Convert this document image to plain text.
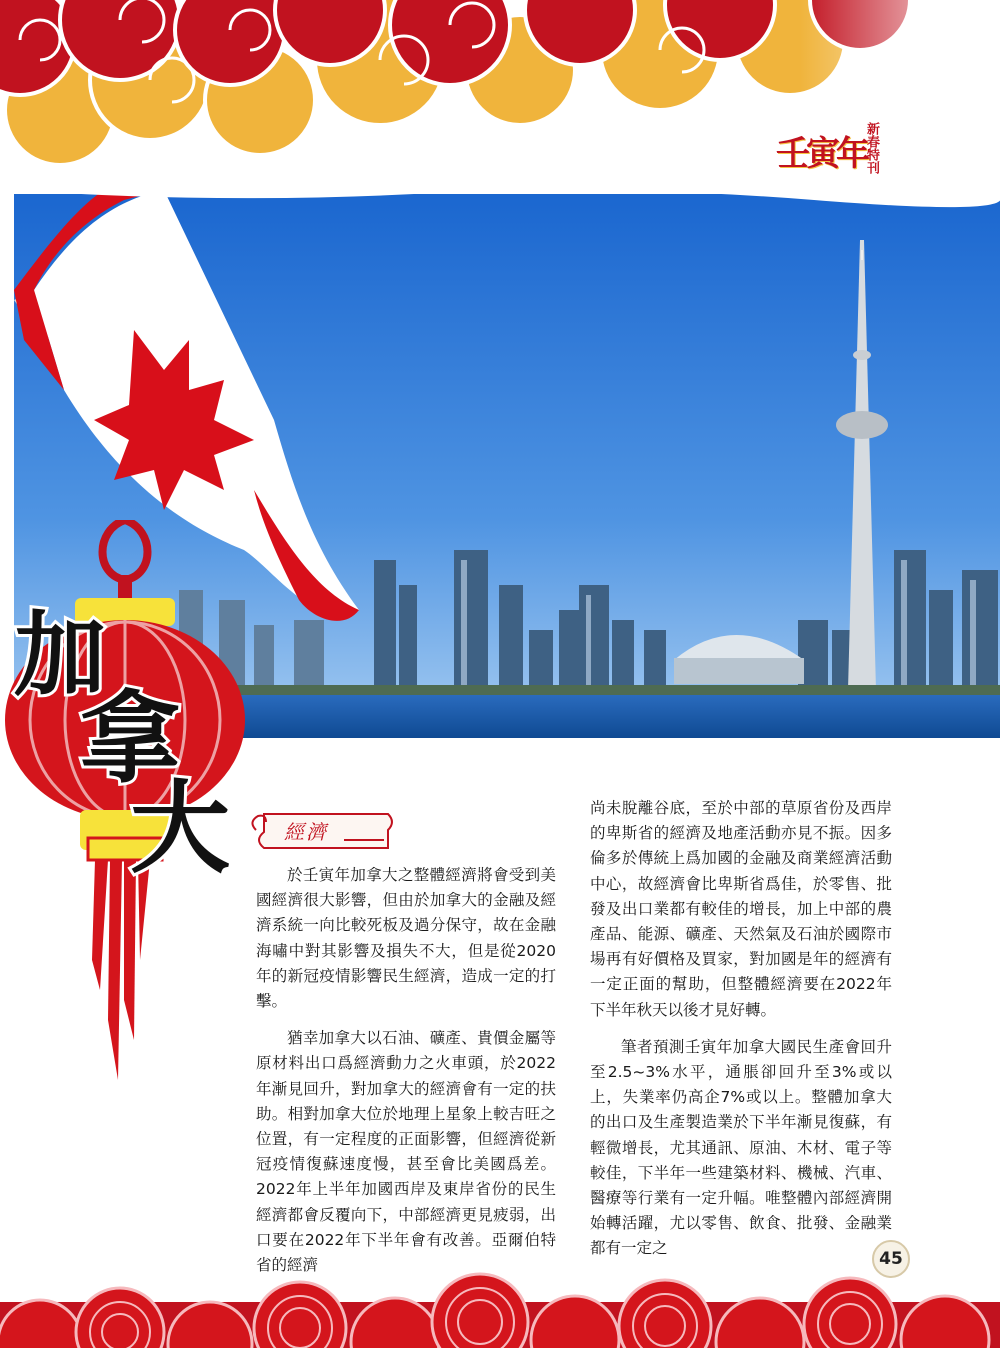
壬寅年
新春特刊
加
拿
大	經濟

於壬寅年加拿大之整體經濟將會受到美國經濟很大影響，但由於加拿大的金融及經濟系統一向比較死板及過分保守，故在金融海嘯中對其影響及損失不大，但是從2020年的新冠疫情影響民生經濟，造成一定的打擊。

猶幸加拿大以石油、礦產、貴價金屬等原材料出口爲經濟動力之火車頭，於2022年漸見回升，對加拿大的經濟會有一定的扶助。相對加拿大位於地理上星象上較吉旺之位置，有一定程度的正面影響，但經濟從新冠疫情復蘇速度慢，甚至會比美國爲差。2022年上半年加國西岸及東岸省份的民生經濟都會反覆向下，中部經濟更見疲弱，出口要在2022年下半年會有改善。亞爾伯特省的經濟

尚未脫離谷底，至於中部的草原省份及西岸的卑斯省的經濟及地產活動亦見不振。因多倫多於傳統上爲加國的金融及商業經濟活動中心，故經濟會比卑斯省爲佳，於零售、批發及出口業都有較佳的增長，加上中部的農產品、能源、礦產、天然氣及石油於國際市場再有好價格及買家，對加國是年的經濟有一定正面的幫助，但整體經濟要在2022年下半年秋天以後才見好轉。

筆者預測壬寅年加拿大國民生產會回升至2.5~3%水平，通脹卻回升至3%或以上，失業率仍高企7%或以上。整體加拿大的出口及生產製造業於下半年漸見復蘇，有輕微增長，尤其通訊、原油、木材、電子等較佳，下半年一些建築材料、機械、汽車、醫療等行業有一定升幅。唯整體內部經濟開始轉活躍，尤以零售、飲食、批發、金融業都有一定之

45
